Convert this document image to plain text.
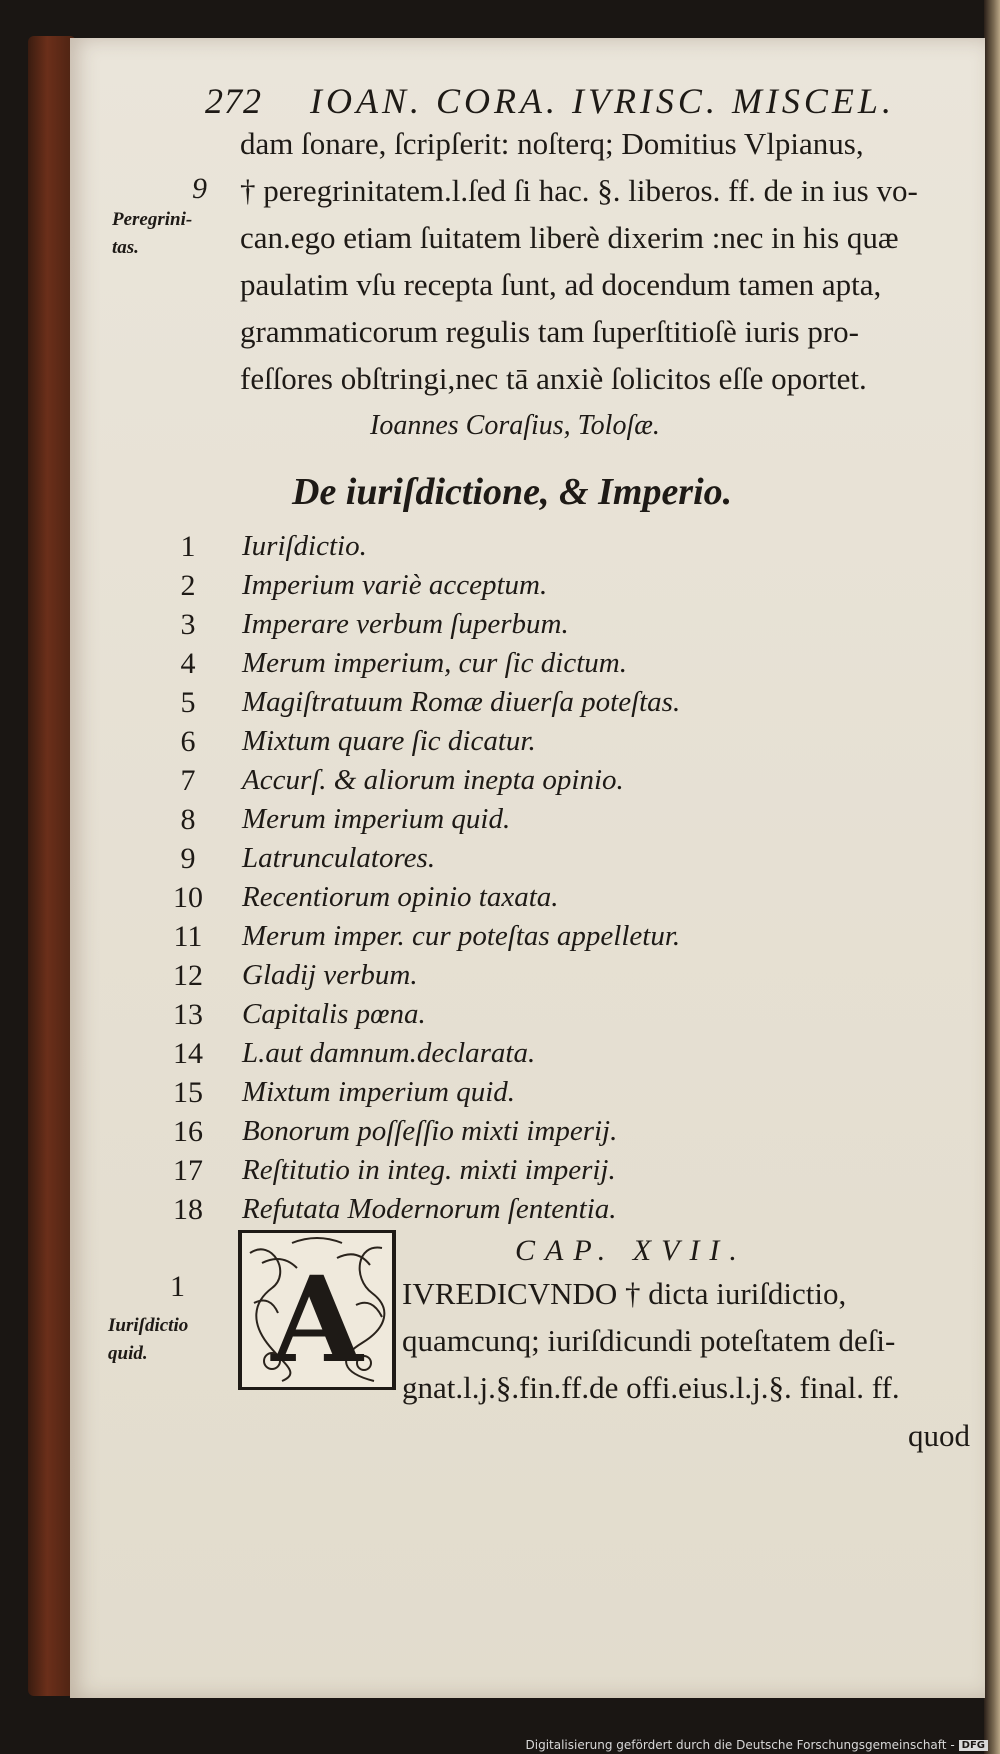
272 IOAN. CORA. IVRISC. MISCEL.
dam ſonare, ſcripſerit: noſterq; Domitius Vlpianus,
† peregrinitatem.l.ſed ſi hac. §. liberos. ff. de in ius vo-
can.ego etiam ſuitatem liberè dixerim :nec in his quæ
paulatim vſu recepta ſunt, ad docendum tamen apta,
grammaticorum regulis tam ſuperſtitioſè iuris pro-
feſſores obſtringi,nec tā anxiè ſolicitos eſſe oportet.
9
Peregrini-
tas.
Ioannes Coraſius, Toloſæ.
De iuriſdictione, & Imperio.
1	Iuriſdictio.
2	Imperium variè acceptum.
3	Imperare verbum ſuperbum.
4	Merum imperium, cur ſic dictum.
5	Magiſtratuum Romæ diuerſa poteſtas.
6	Mixtum quare ſic dicatur.
7	Accurſ. & aliorum inepta opinio.
8	Merum imperium quid.
9	Latrunculatores.
10 Recentiorum opinio taxata.
11 Merum imper. cur poteſtas appelletur.
12 Gladij verbum.
13 Capitalis pœna.
14 L.aut damnum.declarata.
15 Mixtum imperium quid.
16 Bonorum poſſeſſio mixti imperij.
17 Reſtitutio in integ. mixti imperij.
18 Refutata Modernorum ſententia.
CAP. XVII.
A
1
Iuriſdictio
quid.
IVREDICVNDO † dicta iuriſdictio,
quamcunq; iuriſdicundi poteſtatem deſi-
gnat.l.j.§.fin.ff.de offi.eius.l.j.§. final. ff.
quod
Digitalisierung gefördert durch die Deutsche Forschungsgemeinschaft - DFG
